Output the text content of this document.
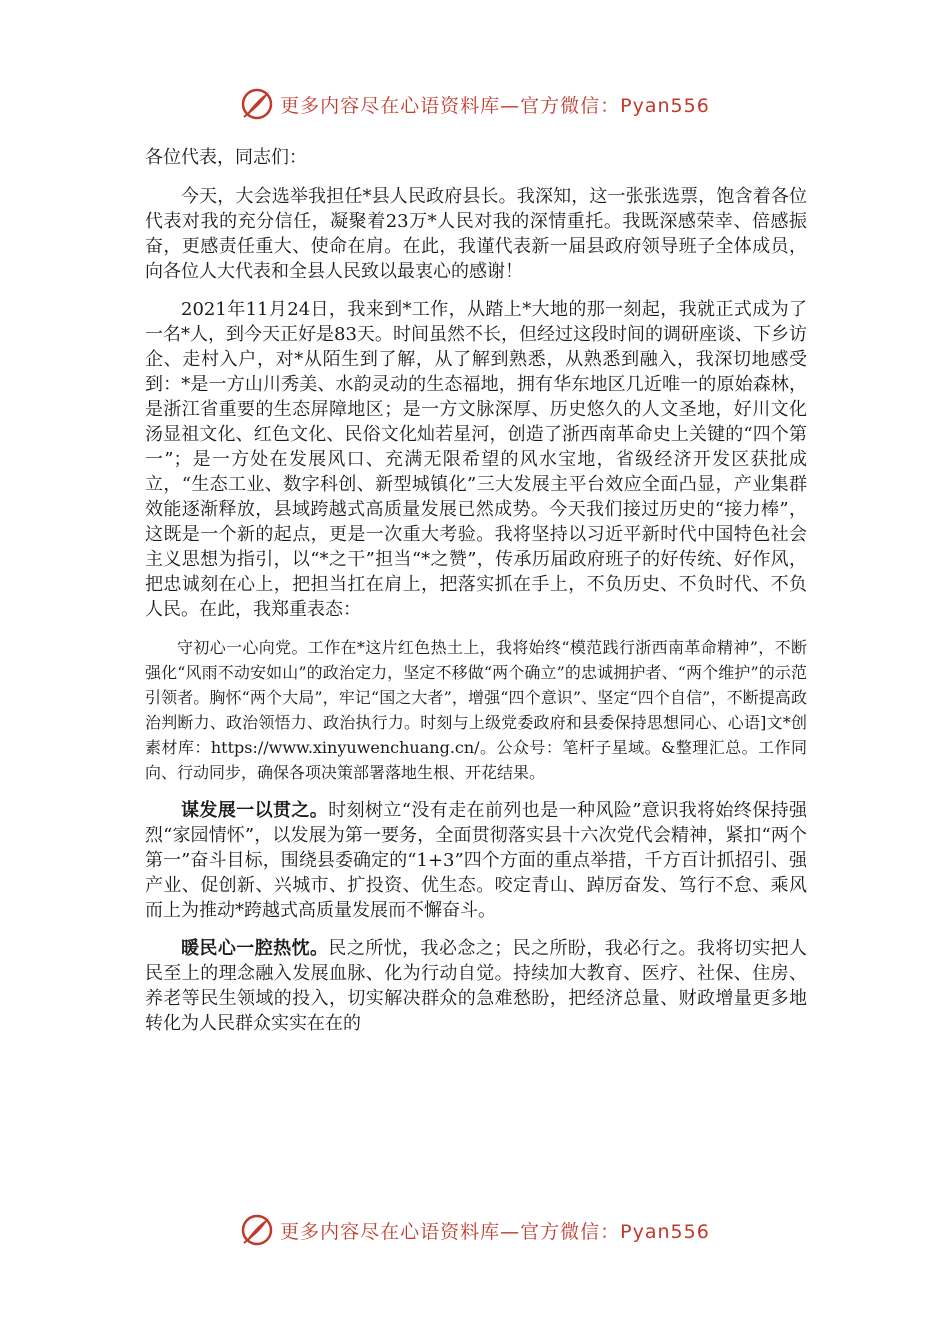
更多内容尽在心语资料库—官方微信：Pyan556

各位代表，同志们：

今天，大会选举我担任*县人民政府县长。我深知，这一张张选票，饱含着各位代表对我的充分信任，凝聚着23万*人民对我的深情重托。我既深感荣幸、倍感振奋，更感责任重大、使命在肩。在此，我谨代表新一届县政府领导班子全体成员，向各位人大代表和全县人民致以最衷心的感谢！

2021年11月24日，我来到*工作，从踏上*大地的那一刻起，我就正式成为了一名*人，到今天正好是83天。时间虽然不长，但经过这段时间的调研座谈、下乡访企、走村入户，对*从陌生到了解，从了解到熟悉，从熟悉到融入，我深切地感受到：*是一方山川秀美、水韵灵动的生态福地，拥有华东地区几近唯一的原始森林，是浙江省重要的生态屏障地区；是一方文脉深厚、历史悠久的人文圣地，好川文化汤显祖文化、红色文化、民俗文化灿若星河，创造了浙西南革命史上关键的“四个第一”；是一方处在发展风口、充满无限希望的风水宝地，省级经济开发区获批成立，“生态工业、数字科创、新型城镇化”三大发展主平台效应全面凸显，产业集群效能逐渐释放，县域跨越式高质量发展已然成势。今天我们接过历史的“接力棒”，这既是一个新的起点，更是一次重大考验。我将坚持以习近平新时代中国特色社会主义思想为指引，以“*之干”担当“*之赞”，传承历届政府班子的好传统、好作风，把忠诚刻在心上，把担当扛在肩上，把落实抓在手上，不负历史、不负时代、不负人民。在此，我郑重表态：

守初心一心向党。工作在*这片红色热土上，我将始终“模范践行浙西南革命精神”，不断强化“风雨不动安如山”的政治定力，坚定不移做“两个确立”的忠诚拥护者、“两个维护”的示范引领者。胸怀“两个大局”，牢记“国之大者”，增强“四个意识”、坚定“四个自信”，不断提高政治判断力、政治领悟力、政治执行力。时刻与上级党委政府和县委保持思想同心、心语]文*创素材库：https://www.xinyuwenchuang.cn/。公众号：笔杆子星域。&整理汇总。工作同向、行动同步，确保各项决策部署落地生根、开花结果。

谋发展一以贯之。时刻树立“没有走在前列也是一种风险”意识我将始终保持强烈“家园情怀”，以发展为第一要务，全面贯彻落实县十六次党代会精神，紧扣“两个第一”奋斗目标，围绕县委确定的“1+3”四个方面的重点举措，千方百计抓招引、强产业、促创新、兴城市、扩投资、优生态。咬定青山、踔厉奋发、笃行不怠、乘风而上为推动*跨越式高质量发展而不懈奋斗。

暖民心一腔热忱。民之所忧，我必念之；民之所盼，我必行之。我将切实把人民至上的理念融入发展血脉、化为行动自觉。持续加大教育、医疗、社保、住房、养老等民生领域的投入，切实解决群众的急难愁盼，把经济总量、财政增量更多地转化为人民群众实实在在的

更多内容尽在心语资料库—官方微信：Pyan556
